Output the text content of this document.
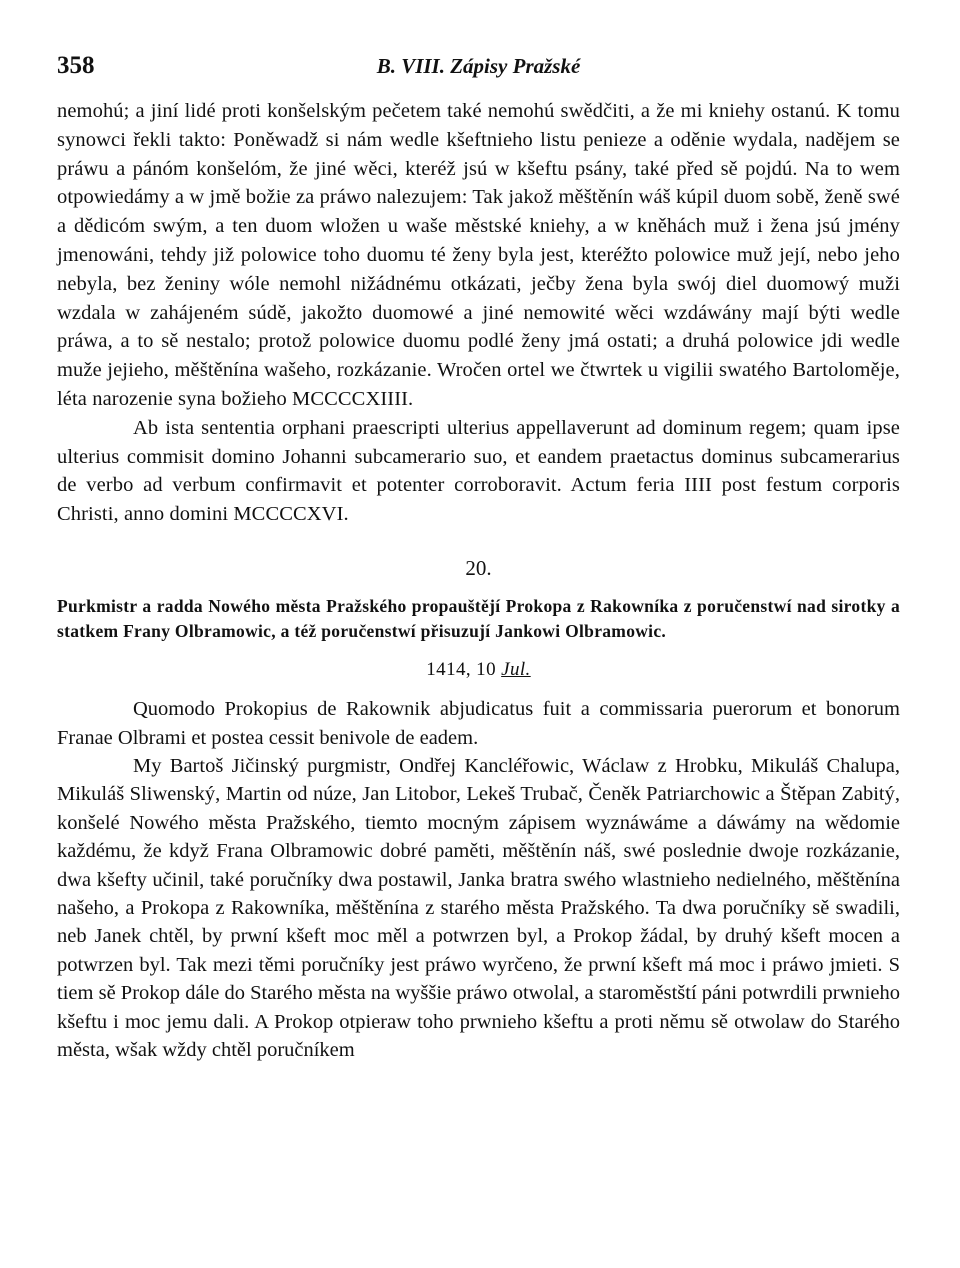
358	B. VIII. Zápisy Pražské

nemohú; a jiní lidé proti konšelským pečetem také nemohú swědčiti, a že mi kniehy ostanú. K tomu synowci řekli takto: Poněwadž si nám wedle kšeftnieho listu penieze a oděnie wydala, nadějem se práwu a pánóm konšelóm, že jiné wěci, kteréž jsú w kšeftu psány, také před sě pojdú. Na to wem otpowiedámy a w jmě božie za práwo nalezujem: Tak jakož měštěnín wáš kúpil duom sobě, ženě swé a dědicóm swým, a ten duom wložen u waše městské kniehy, a w kněhách muž i žena jsú jmény jmenowáni, tehdy již polowice toho duomu té ženy byla jest, kteréžto polowice muž její, nebo jeho nebyla, bez ženiny wóle nemohl nižádnému otkázati, ječby žena byla swój diel duomowý muži wzdala w zahájeném súdě, jakožto duomowé a jiné nemowité wěci wzdáwány mají býti wedle práwa, a to sě nestalo; protož polowice duomu podlé ženy jmá ostati; a druhá polowice jdi wedle muže jejieho, měštěnína wašeho, rozkázanie. Wročen ortel we čtwrtek u vigilii swatého Bartoloměje, léta narozenie syna božieho MCCCCXIIII.

Ab ista sententia orphani praescripti ulterius appellaverunt ad dominum regem; quam ipse ulterius commisit domino Johanni subcamerario suo, et eandem praetactus dominus subcamerarius de verbo ad verbum confirmavit et potenter corroboravit. Actum feria IIII post festum corporis Christi, anno domini MCCCCXVI.

20.

Purkmistr a radda Nowého města Pražského propauštějí Prokopa z Rakowníka z poručenstwí nad sirotky a statkem Frany Olbramowic, a též poručenstwí přisuzují Jankowi Olbramowic.

1414, 10 Jul.

Quomodo Prokopius de Rakownik abjudicatus fuit a commissaria puerorum et bonorum Franae Olbrami et postea cessit benivole de eadem.

My Bartoš Jičinský purgmistr, Ondřej Kancléřowic, Wáclaw z Hrobku, Mikuláš Chalupa, Mikuláš Sliwenský, Martin od núze, Jan Litobor, Lekeš Trubač, Čeněk Patriarchowic a Štěpan Zabitý, konšelé Nowého města Pražského, tiemto mocným zápisem wyznáwáme a dáwámy na wědomie každému, že když Frana Olbramowic dobré paměti, měštěnín náš, swé poslednie dwoje rozkázanie, dwa kšefty učinil, také poručníky dwa postawil, Janka bratra swého wlastnieho nedielného, měštěnína našeho, a Prokopa z Rakowníka, měštěnína z starého města Pražského. Ta dwa poručníky sě swadili, neb Janek chtěl, by prwní kšeft moc měl a potwrzen byl, a Prokop žádal, by druhý kšeft mocen a potwrzen byl. Tak mezi těmi poručníky jest práwo wyrčeno, že prwní kšeft má moc i práwo jmieti. S tiem sě Prokop dále do Starého města na wyššie práwo otwolal, a staroměstští páni potwrdili prwnieho kšeftu i moc jemu dali. A Prokop otpieraw toho prwnieho kšeftu a proti němu sě otwolaw do Starého města, wšak wždy chtěl poručníkem
